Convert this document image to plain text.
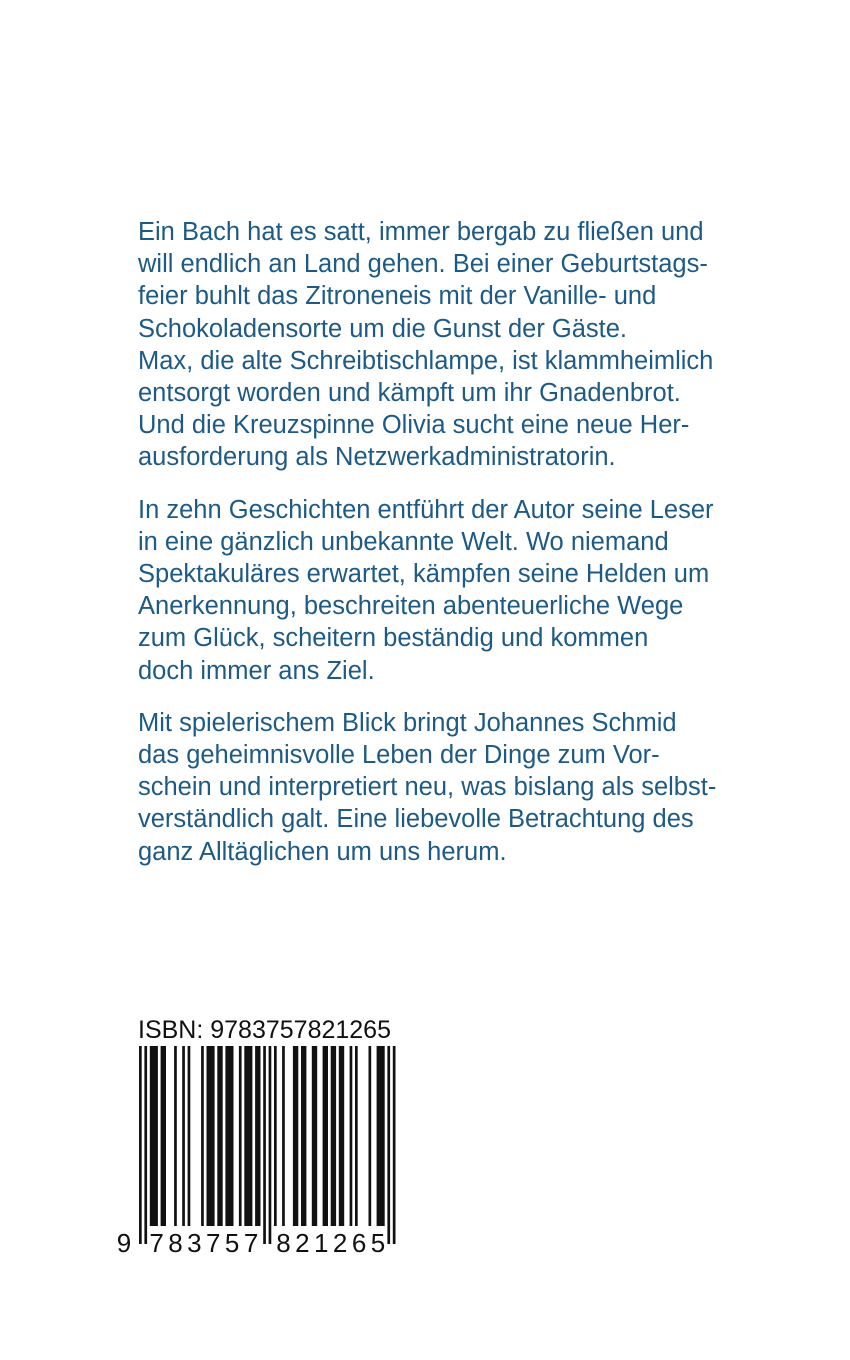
Ein Bach hat es satt, immer bergab zu fließen und
will endlich an Land gehen. Bei einer Geburtstags-
feier buhlt das Zitroneneis mit der Vanille- und
Schokoladensorte um die Gunst der Gäste.
Max, die alte Schreibtischlampe, ist klammheimlich
entsorgt worden und kämpft um ihr Gnadenbrot.
Und die Kreuzspinne Olivia sucht eine neue Her-
ausforderung als Netzwerkadministratorin.

In zehn Geschichten entführt der Autor seine Leser
in eine gänzlich unbekannte Welt. Wo niemand
Spektakuläres erwartet, kämpfen seine Helden um
Anerkennung, beschreiten abenteuerliche Wege
zum Glück, scheitern beständig und kommen
doch immer ans Ziel.

Mit spielerischem Blick bringt Johannes Schmid
das geheimnisvolle Leben der Dinge zum Vor-
schein und interpretiert neu, was bislang als selbst-
verständlich galt. Eine liebevolle Betrachtung des
ganz Alltäglichen um uns herum.

ISBN: 9783757821265
9 7 8 3 7 5 7 8 2 1 2 6 5
